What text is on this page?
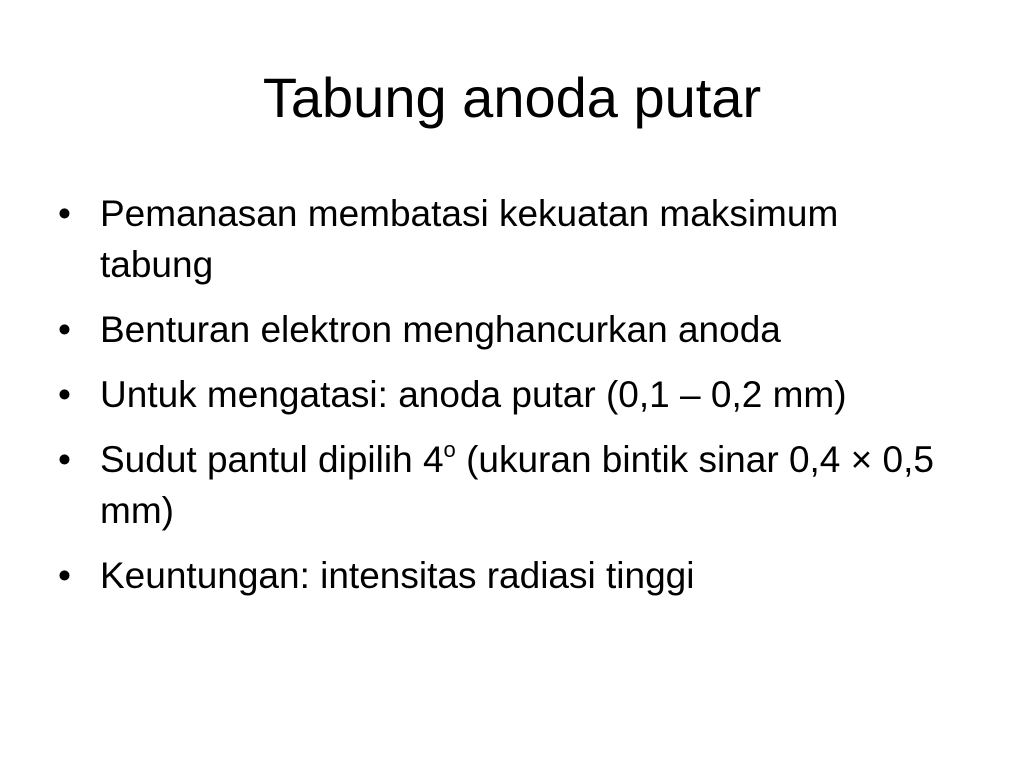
Tabung anoda putar
• Pemanasan membatasi kekuatan maksimum tabung
• Benturan elektron menghancurkan anoda
• Untuk mengatasi: anoda putar (0,1 – 0,2 mm)
• Sudut pantul dipilih 4$^o$ (ukuran bintik sinar 0,4 × 0,5 mm)
• Keuntungan: intensitas radiasi tinggi
